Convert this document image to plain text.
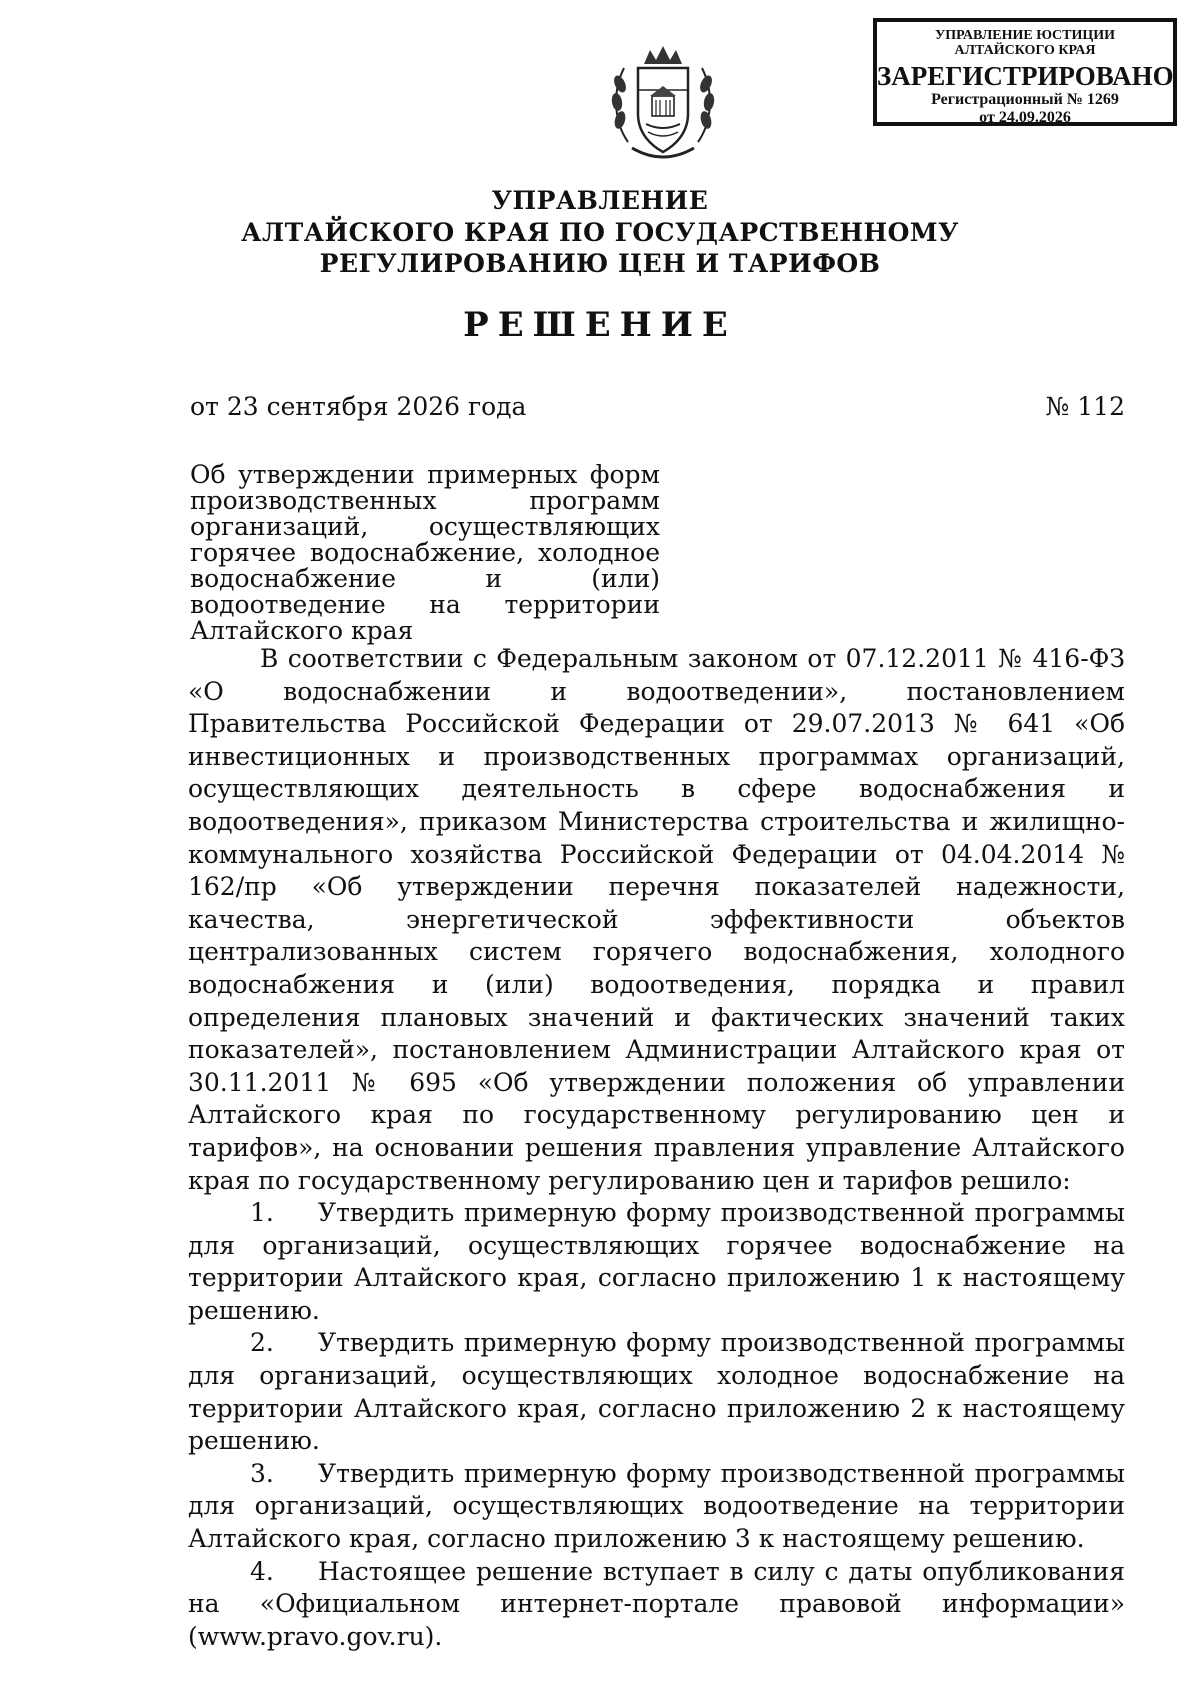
УПРАВЛЕНИЕ ЮСТИЦИИ
АЛТАЙСКОГО КРАЯ
ЗАРЕГИСТРИРОВАНО
Регистрационный № 1269
от 24.09.2026
УПРАВЛЕНИЕ
АЛТАЙСКОГО КРАЯ ПО ГОСУДАРСТВЕННОМУ
РЕГУЛИРОВАНИЮ ЦЕН И ТАРИФОВ
РЕШЕНИЕ
от 23 сентября 2026 года	№ 112
Об утверждении примерных форм производственных программ организаций, осуществляющих горячее водоснабжение, холодное водоснабжение и (или) водоотведение на территории Алтайского края

В соответствии с Федеральным законом от 07.12.2011 № 416-ФЗ «О водоснабжении и водоотведении», постановлением Правительства Российской Федерации от 29.07.2013 № 641 «Об инвестиционных и производственных программах организаций, осуществляющих деятельность в сфере водоснабжения и водоотведения», приказом Министерства строительства и жилищно-коммунального хозяйства Российской Федерации от 04.04.2014 № 162/пр «Об утверждении перечня показателей надежности, качества, энергетической эффективности объектов централизованных систем горячего водоснабжения, холодного водоснабжения и (или) водоотведения, порядка и правил определения плановых значений и фактических значений таких показателей», постановлением Администрации Алтайского края от 30.11.2011 № 695 «Об утверждении положения об управлении Алтайского края по государственному регулированию цен и тарифов», на основании решения правления управление Алтайского края по государственному регулированию цен и тарифов решило:

1. Утвердить примерную форму производственной программы для организаций, осуществляющих горячее водоснабжение на территории Алтайского края, согласно приложению 1 к настоящему решению.

2. Утвердить примерную форму производственной программы для организаций, осуществляющих холодное водоснабжение на территории Алтайского края, согласно приложению 2 к настоящему решению.

3. Утвердить примерную форму производственной программы для организаций, осуществляющих водоотведение на территории Алтайского края, согласно приложению 3 к настоящему решению.

4. Настоящее решение вступает в силу с даты опубликования на «Официальном интернет-портале правовой информации» (www.pravo.gov.ru).
